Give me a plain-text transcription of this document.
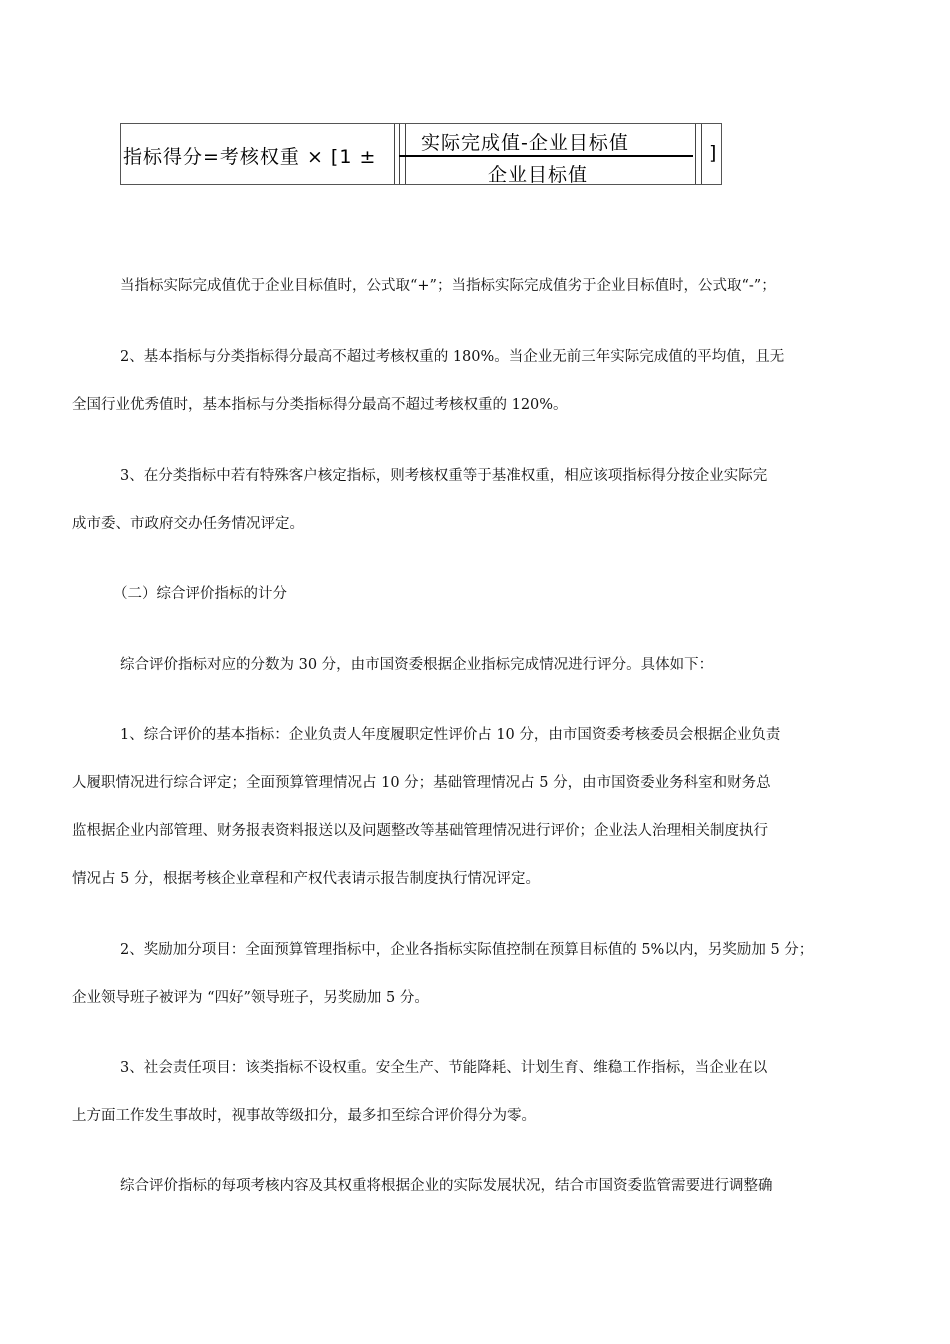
指标得分=考核权重 × [1 ±
实际完成值-企业目标值
企业目标值
]
当指标实际完成值优于企业目标值时，公式取“+”；当指标实际完成值劣于企业目标值时，公式取“-”；
2、基本指标与分类指标得分最高不超过考核权重的 180%。当企业无前三年实际完成值的平均值，且无
全国行业优秀值时，基本指标与分类指标得分最高不超过考核权重的 120%。
3、在分类指标中若有特殊客户核定指标，则考核权重等于基准权重，相应该项指标得分按企业实际完
成市委、市政府交办任务情况评定。
（二）综合评价指标的计分
综合评价指标对应的分数为 30 分，由市国资委根据企业指标完成情况进行评分。具体如下：
1、综合评价的基本指标：企业负责人年度履职定性评价占 10 分，由市国资委考核委员会根据企业负责
人履职情况进行综合评定；全面预算管理情况占 10 分；基础管理情况占 5 分，由市国资委业务科室和财务总
监根据企业内部管理、财务报表资料报送以及问题整改等基础管理情况进行评价；企业法人治理相关制度执行
情况占 5 分，根据考核企业章程和产权代表请示报告制度执行情况评定。
2、奖励加分项目：全面预算管理指标中，企业各指标实际值控制在预算目标值的 5%以内，另奖励加 5 分；
企业领导班子被评为 “四好”领导班子，另奖励加 5 分。
3、社会责任项目：该类指标不设权重。安全生产、节能降耗、计划生育、维稳工作指标，当企业在以
上方面工作发生事故时，视事故等级扣分，最多扣至综合评价得分为零。
综合评价指标的每项考核内容及其权重将根据企业的实际发展状况，结合市国资委监管需要进行调整确
